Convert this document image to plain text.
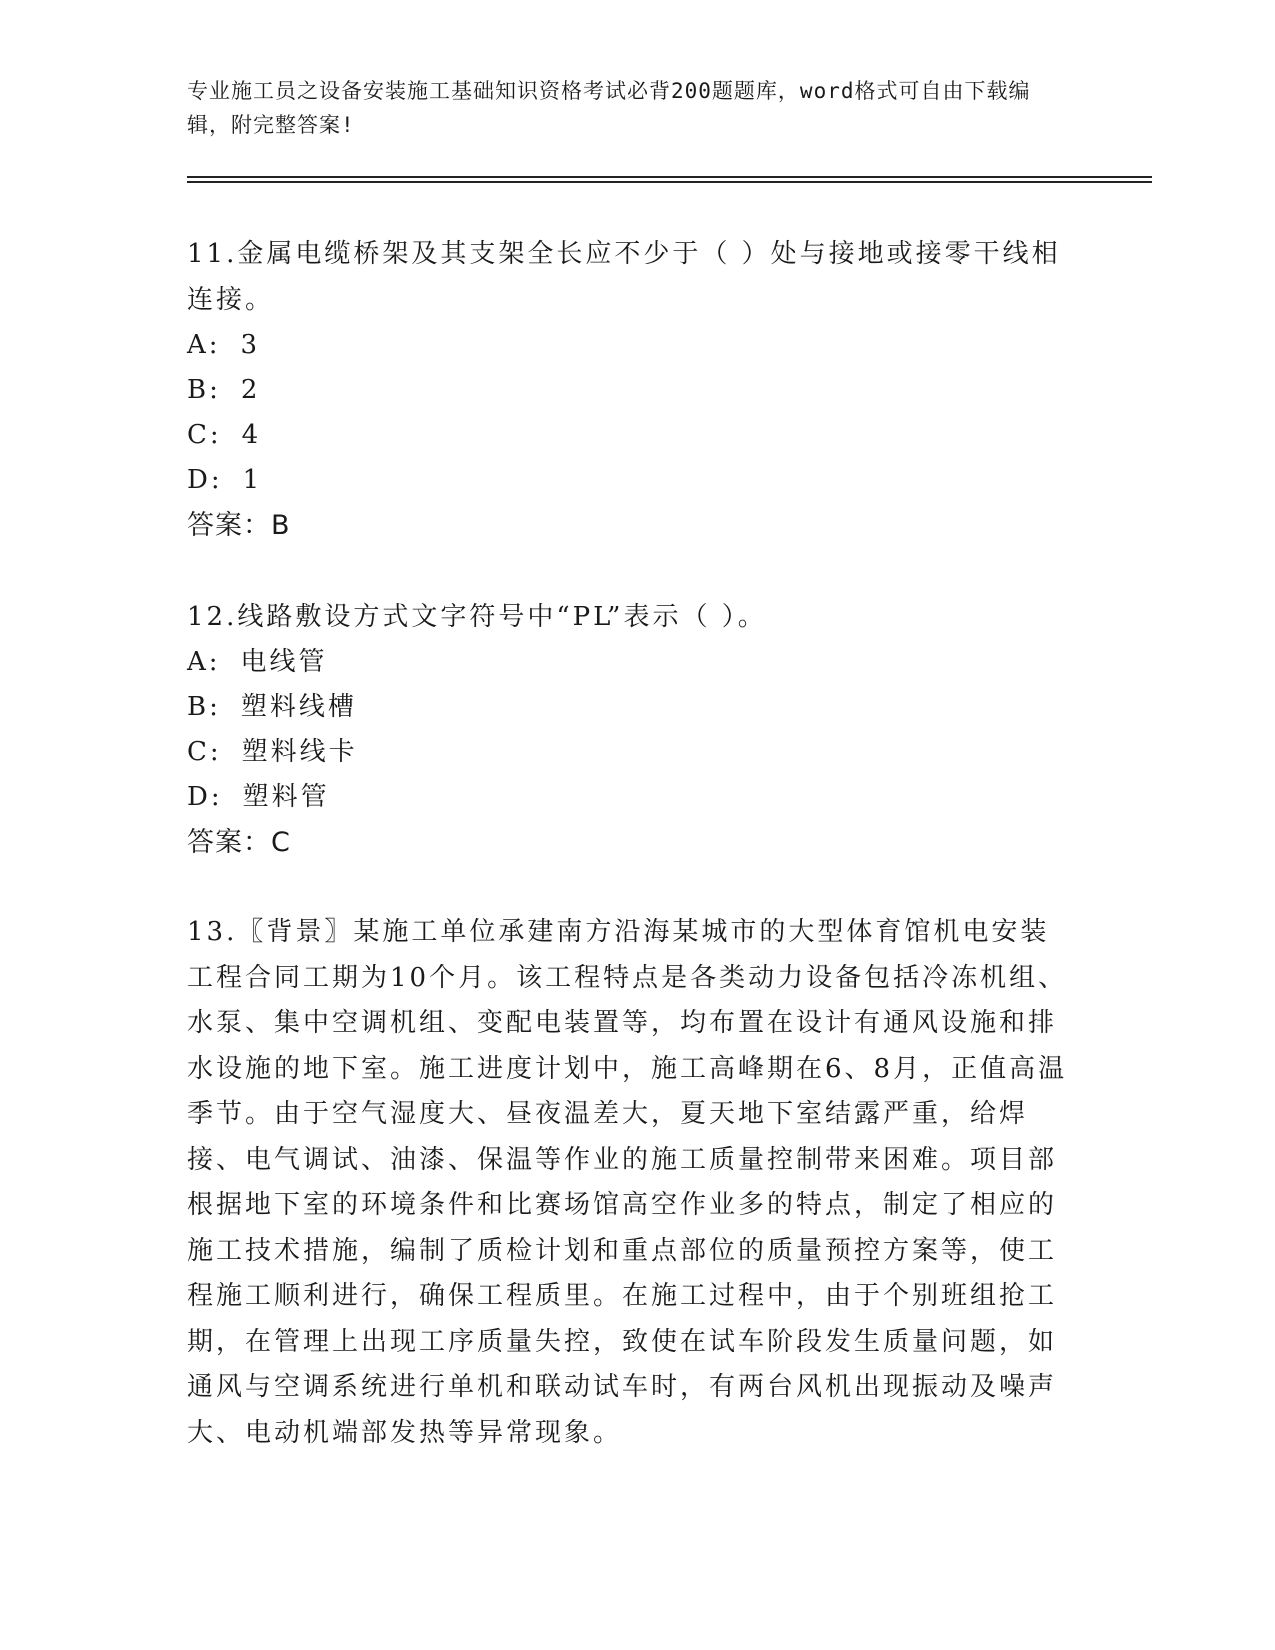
专业施工员之设备安装施工基础知识资格考试必背200题题库，word格式可自由下载编辑，附完整答案!

11.金属电缆桥架及其支架全长应不少于（ ）处与接地或接零干线相连接。

A: 3

B: 2

C: 4

D: 1

答案：B

12.线路敷设方式文字符号中“PL”表示（ ）。

A: 电线管

B: 塑料线槽

C: 塑料线卡

D: 塑料管

答案：C

13.〖背景〗某施工单位承建南方沿海某城市的大型体育馆机电安装工程合同工期为10个月。该工程特点是各类动力设备包括冷冻机组、水泵、集中空调机组、变配电装置等，均布置在设计有通风设施和排水设施的地下室。施工进度计划中，施工高峰期在6、8月，正值高温季节。由于空气湿度大、昼夜温差大，夏天地下室结露严重，给焊接、电气调试、油漆、保温等作业的施工质量控制带来困难。项目部根据地下室的环境条件和比赛场馆高空作业多的特点，制定了相应的施工技术措施，编制了质检计划和重点部位的质量预控方案等，使工程施工顺利进行，确保工程质里。在施工过程中，由于个别班组抢工期，在管理上出现工序质量失控，致使在试车阶段发生质量问题，如通风与空调系统进行单机和联动试车时，有两台风机出现振动及噪声大、电动机端部发热等异常现象。
